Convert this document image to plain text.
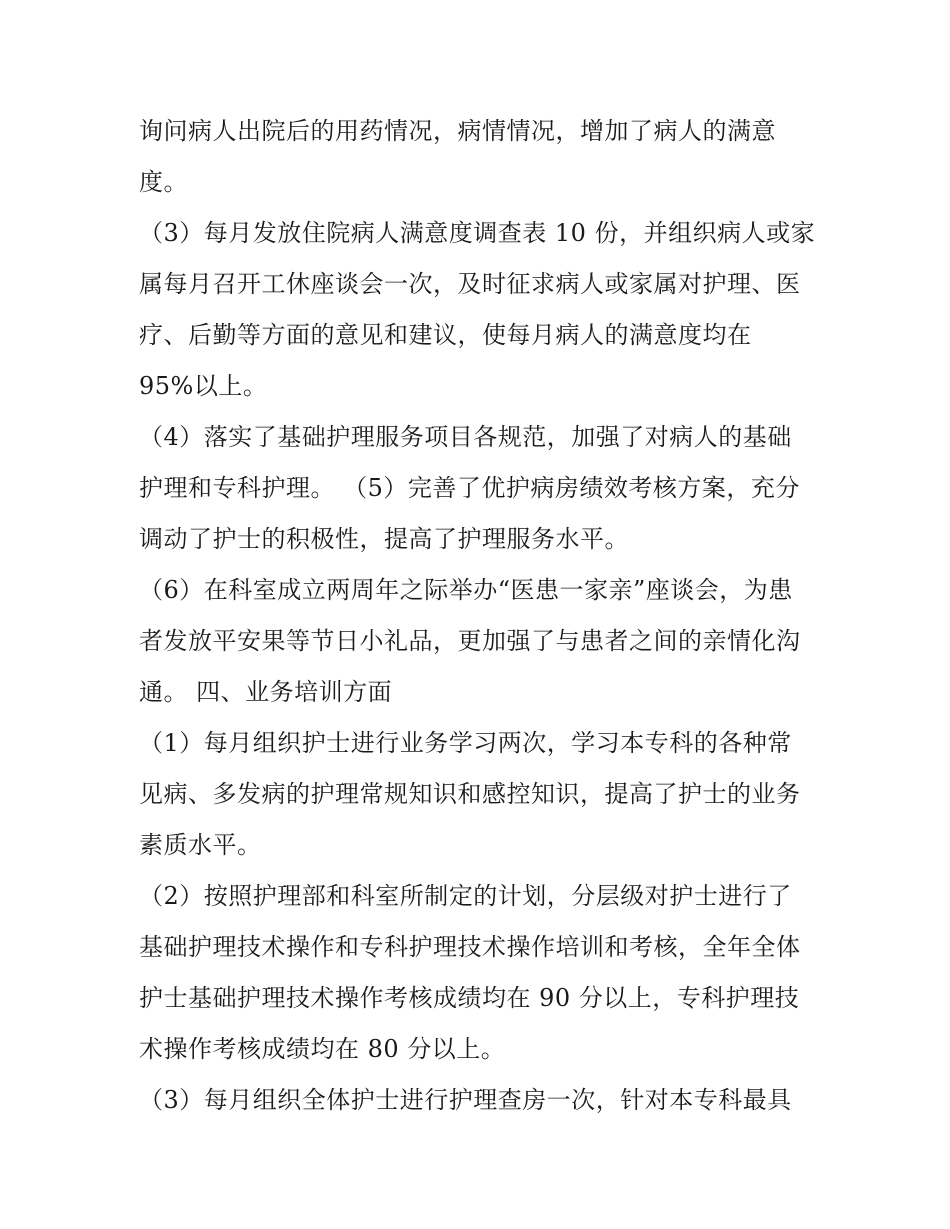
询问病人出院后的用药情况，病情情况，增加了病人的满意
度。
（3）每月发放住院病人满意度调查表 10 份，并组织病人或家
属每月召开工休座谈会一次，及时征求病人或家属对护理、医
疗、后勤等方面的意见和建议，使每月病人的满意度均在
95%以上。
（4）落实了基础护理服务项目各规范，加强了对病人的基础
护理和专科护理。 （5）完善了优护病房绩效考核方案，充分
调动了护士的积极性，提高了护理服务水平。
（6）在科室成立两周年之际举办“医患一家亲”座谈会，为患
者发放平安果等节日小礼品，更加强了与患者之间的亲情化沟
通。 四、业务培训方面
（1）每月组织护士进行业务学习两次，学习本专科的各种常
见病、多发病的护理常规知识和感控知识，提高了护士的业务
素质水平。
（2）按照护理部和科室所制定的计划，分层级对护士进行了
基础护理技术操作和专科护理技术操作培训和考核，全年全体
护士基础护理技术操作考核成绩均在 90 分以上，专科护理技
术操作考核成绩均在 80 分以上。
（3）每月组织全体护士进行护理查房一次，针对本专科最具
